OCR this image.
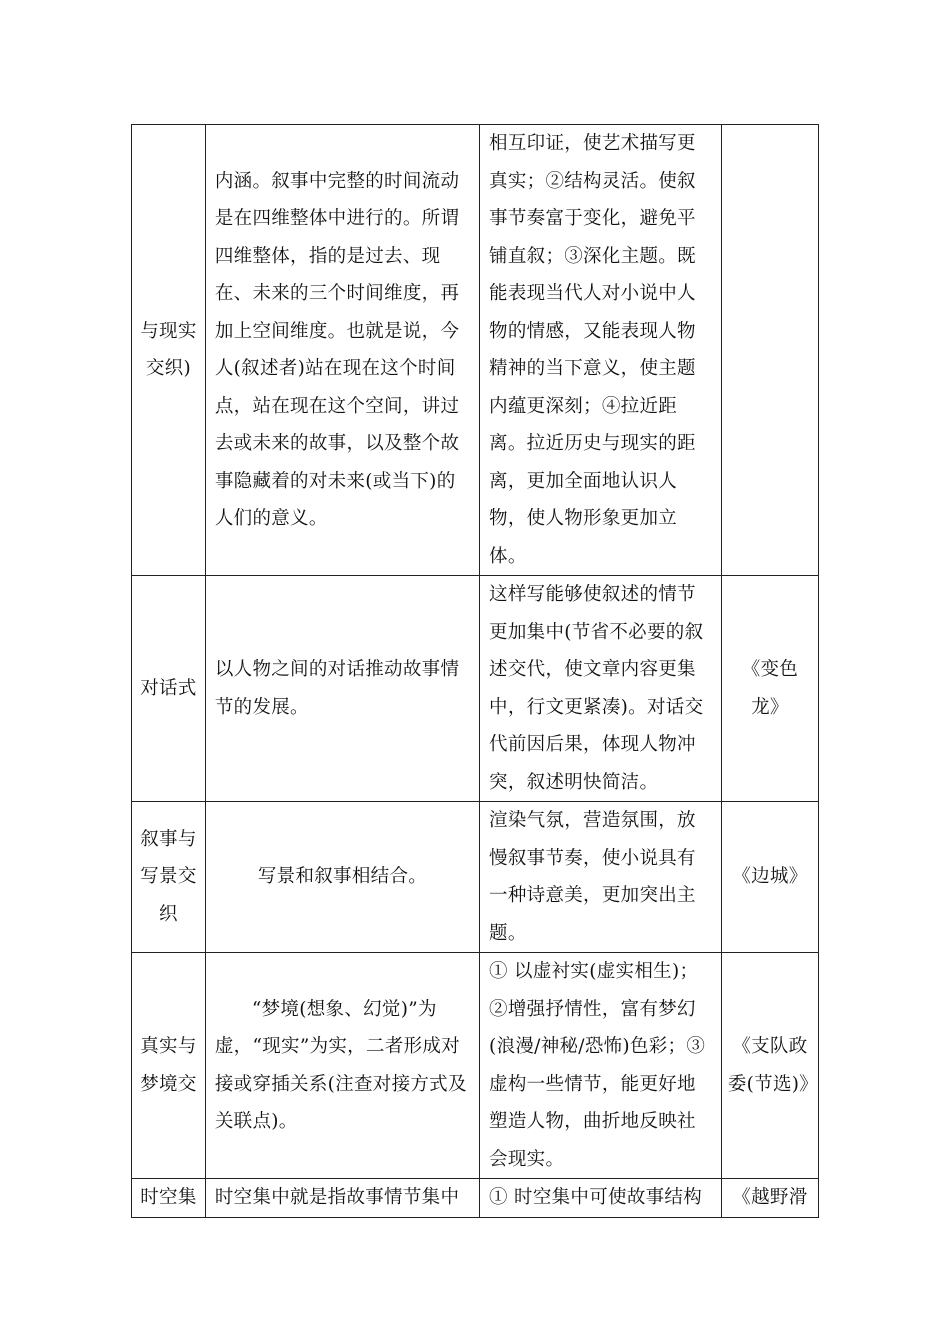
与现实交织)	内涵。叙事中完整的时间流动是在四维整体中进行的。所谓四维整体，指的是过去、现在、未来的三个时间维度，再加上空间维度。也就是说，今人(叙述者)站在现在这个时间点，站在现在这个空间，讲过去或未来的故事，以及整个故事隐藏着的对未来(或当下)的人们的意义。	相互印证，使艺术描写更真实；②结构灵活。使叙事节奏富于变化，避免平铺直叙；③深化主题。既能表现当代人对小说中人物的情感，又能表现人物精神的当下意义，使主题内蕴更深刻；④拉近距离。拉近历史与现实的距离，更加全面地认识人物，使人物形象更加立体。	
对话式	以人物之间的对话推动故事情节的发展。	这样写能够使叙述的情节更加集中(节省不必要的叙述交代，使文章内容更集中，行文更紧凑)。对话交代前因后果，体现人物冲突，叙述明快简洁。	《变色龙》
叙事与写景交织	写景和叙事相结合。	渲染气氛，营造氛围，放慢叙事节奏，使小说具有一种诗意美，更加突出主题。	《边城》
真实与梦境交	“梦境(想象、幻觉)”为虚，“现实”为实，二者形成对接或穿插关系(注查对接方式及关联点)。	① 以虚衬实(虚实相生)；②增强抒情性，富有梦幻(浪漫/神秘/恐怖)色彩；③虚构一些情节，能更好地塑造人物，曲折地反映社会现实。	《支队政委(节选)》
时空集	时空集中就是指故事情节集中	① 时空集中可使故事结构	《越野滑
